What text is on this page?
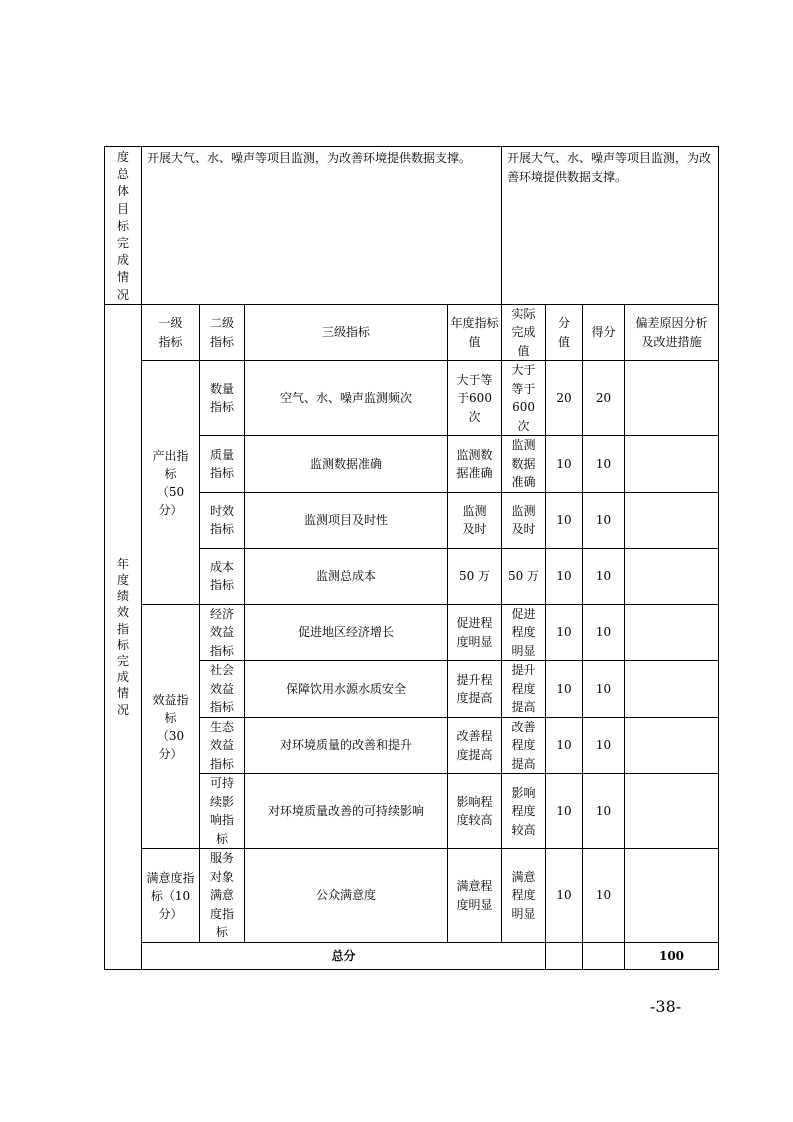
度总体目标完成情况	开展大气、水、噪声等项目监测，为改善环境提供数据支撑。				开展大气、水、噪声等项目监测，为改善环境提供数据支撑。				

年度绩效指标完成情况	一级指标	二级指标	三级指标	年度指标值	实际完成值	分值	得分	偏差原因分析及改进措施	

	产出指标（50 分）	数量指标	空气、水、噪声监测频次	大于等于600次	大于等于600次	20	20		

		质量指标	监测数据准确	监测数据准确	监测数据准确	10	10		

		时效指标	监测项目及时性	监测及时	监测及时	10	10		

		成本指标	监测总成本	50 万	50 万	10	10		

	效益指标（30 分）	经济效益指标	促进地区经济增长	促进程度明显	促进程度明显	10	10		

		社会效益指标	保障饮用水源水质安全	提升程度提高	提升程度提高	10	10		

		生态效益指标	对环境质量的改善和提升	改善程度提高	改善程度提高	10	10		

		可持续影响指标	对环境质量改善的可持续影响	影响程度较高	影响程度较高	10	10		

	满意度指标（10 分）	服务对象满意度指标	公众满意度	满意程度明显	满意程度明显	10	10		
	总分							100		
-38-
